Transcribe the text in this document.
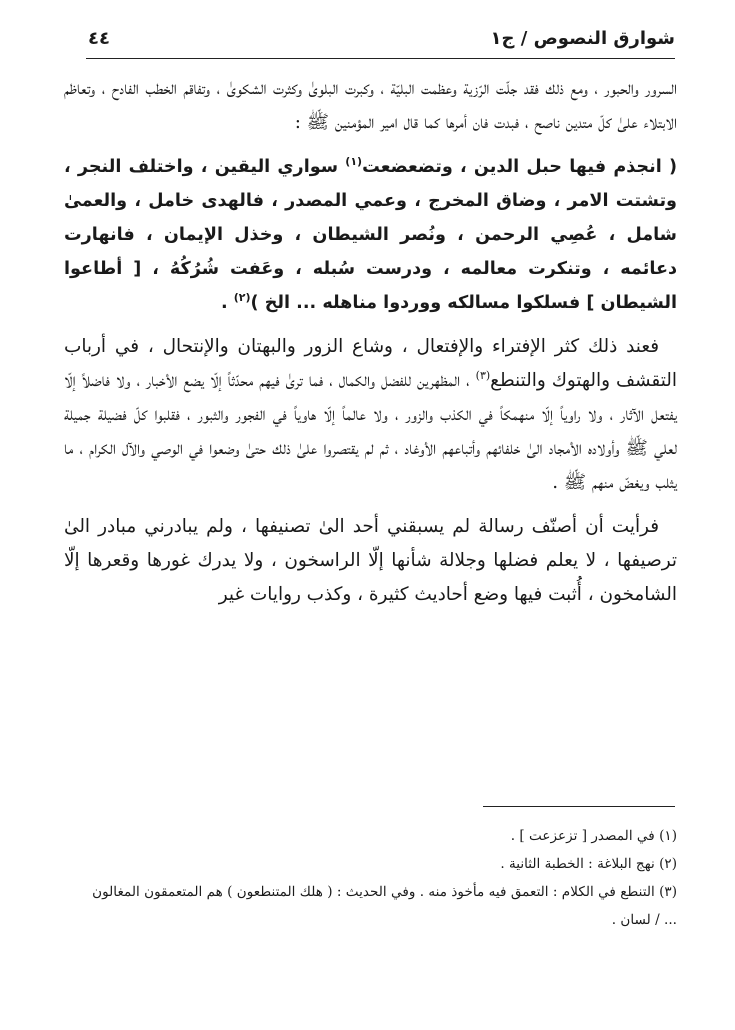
شوارق النصوص / ج١
٤٤

السرور والحبور ، ومع ذلك فقد جلّت الرّزية وعظمت البليّة ، وكبرت البلوىٰ وكثرت الشكوىٰ ، وتفاقم الخطب الفادح ، وتعاظم الابتلاء علىٰ كلّ متدين ناصح ، فبدت فان أمرها كما قال امير المؤمنين ﷺ :

( انجذم فيها حبل الدين ، وتضعضعت$^{(١)}$ سواري اليقين ، واختلف النجر ، وتشتت الامر ، وضاق المخرج ، وعمي المصدر ، فالهدى خامل ، والعمىٰ شامل ، عُصِي الرحمن ، ونُصر الشيطان ، وخذل الإيمان ، فانهارت دعائمه ، وتنكرت معالمه ، ودرست سُبله ، وعَفت شُرُكُهُ ، [ أطاعوا الشيطان ] فسلكوا مسالكه ووردوا مناهله ... الخ )$^{(٢)}$ .

فعند ذلك كثر الإفتراء والإفتعال ، وشاع الزور والبهتان والإنتحال ، في أرباب التقشف والهتوك والتنطع$^{(٣)}$ ، المظهرين للفضل والكمال ، فما ترىٰ فيهم محدّثاً إلّا يضع الأخبار ، ولا فاضلاً إلّا يفتعل الآثار ، ولا راوياً إلّا منهمكاً في الكذب والزور ، ولا عالماً إلّا هاوياً في الفجور والثبور ، فقلبوا كلّ فضيلة جميلة لعلي ﷺ وأولاده الأمجاد الىٰ خلفائهم وأتباعهم الأوغاد ، ثم لم يقتصروا علىٰ ذلك حتىٰ وضعوا في الوصي والآل الكرام ، ما يثلب ويغضّ منهم ﷺ .

فرأيت أن أصنّف رسالة لم يسبقني أحد الىٰ تصنيفها ، ولم يبادرني مبادر الىٰ ترصيفها ، لا يعلم فضلها وجلالة شأنها إلّا الراسخون ، ولا يدرك غورها وقعرها إلّا الشامخون ، أُثبت فيها وضع أحاديث كثيرة ، وكذب روايات غير

(١) في المصدر [ تزعزعت ] .

(٢) نهج البلاغة : الخطبة الثانية .

(٣) التنطع في الكلام : التعمق فيه مأخوذ منه . وفي الحديث : ( هلك المتنطعون ) هم المتعمقون المغالون ... / لسان .
